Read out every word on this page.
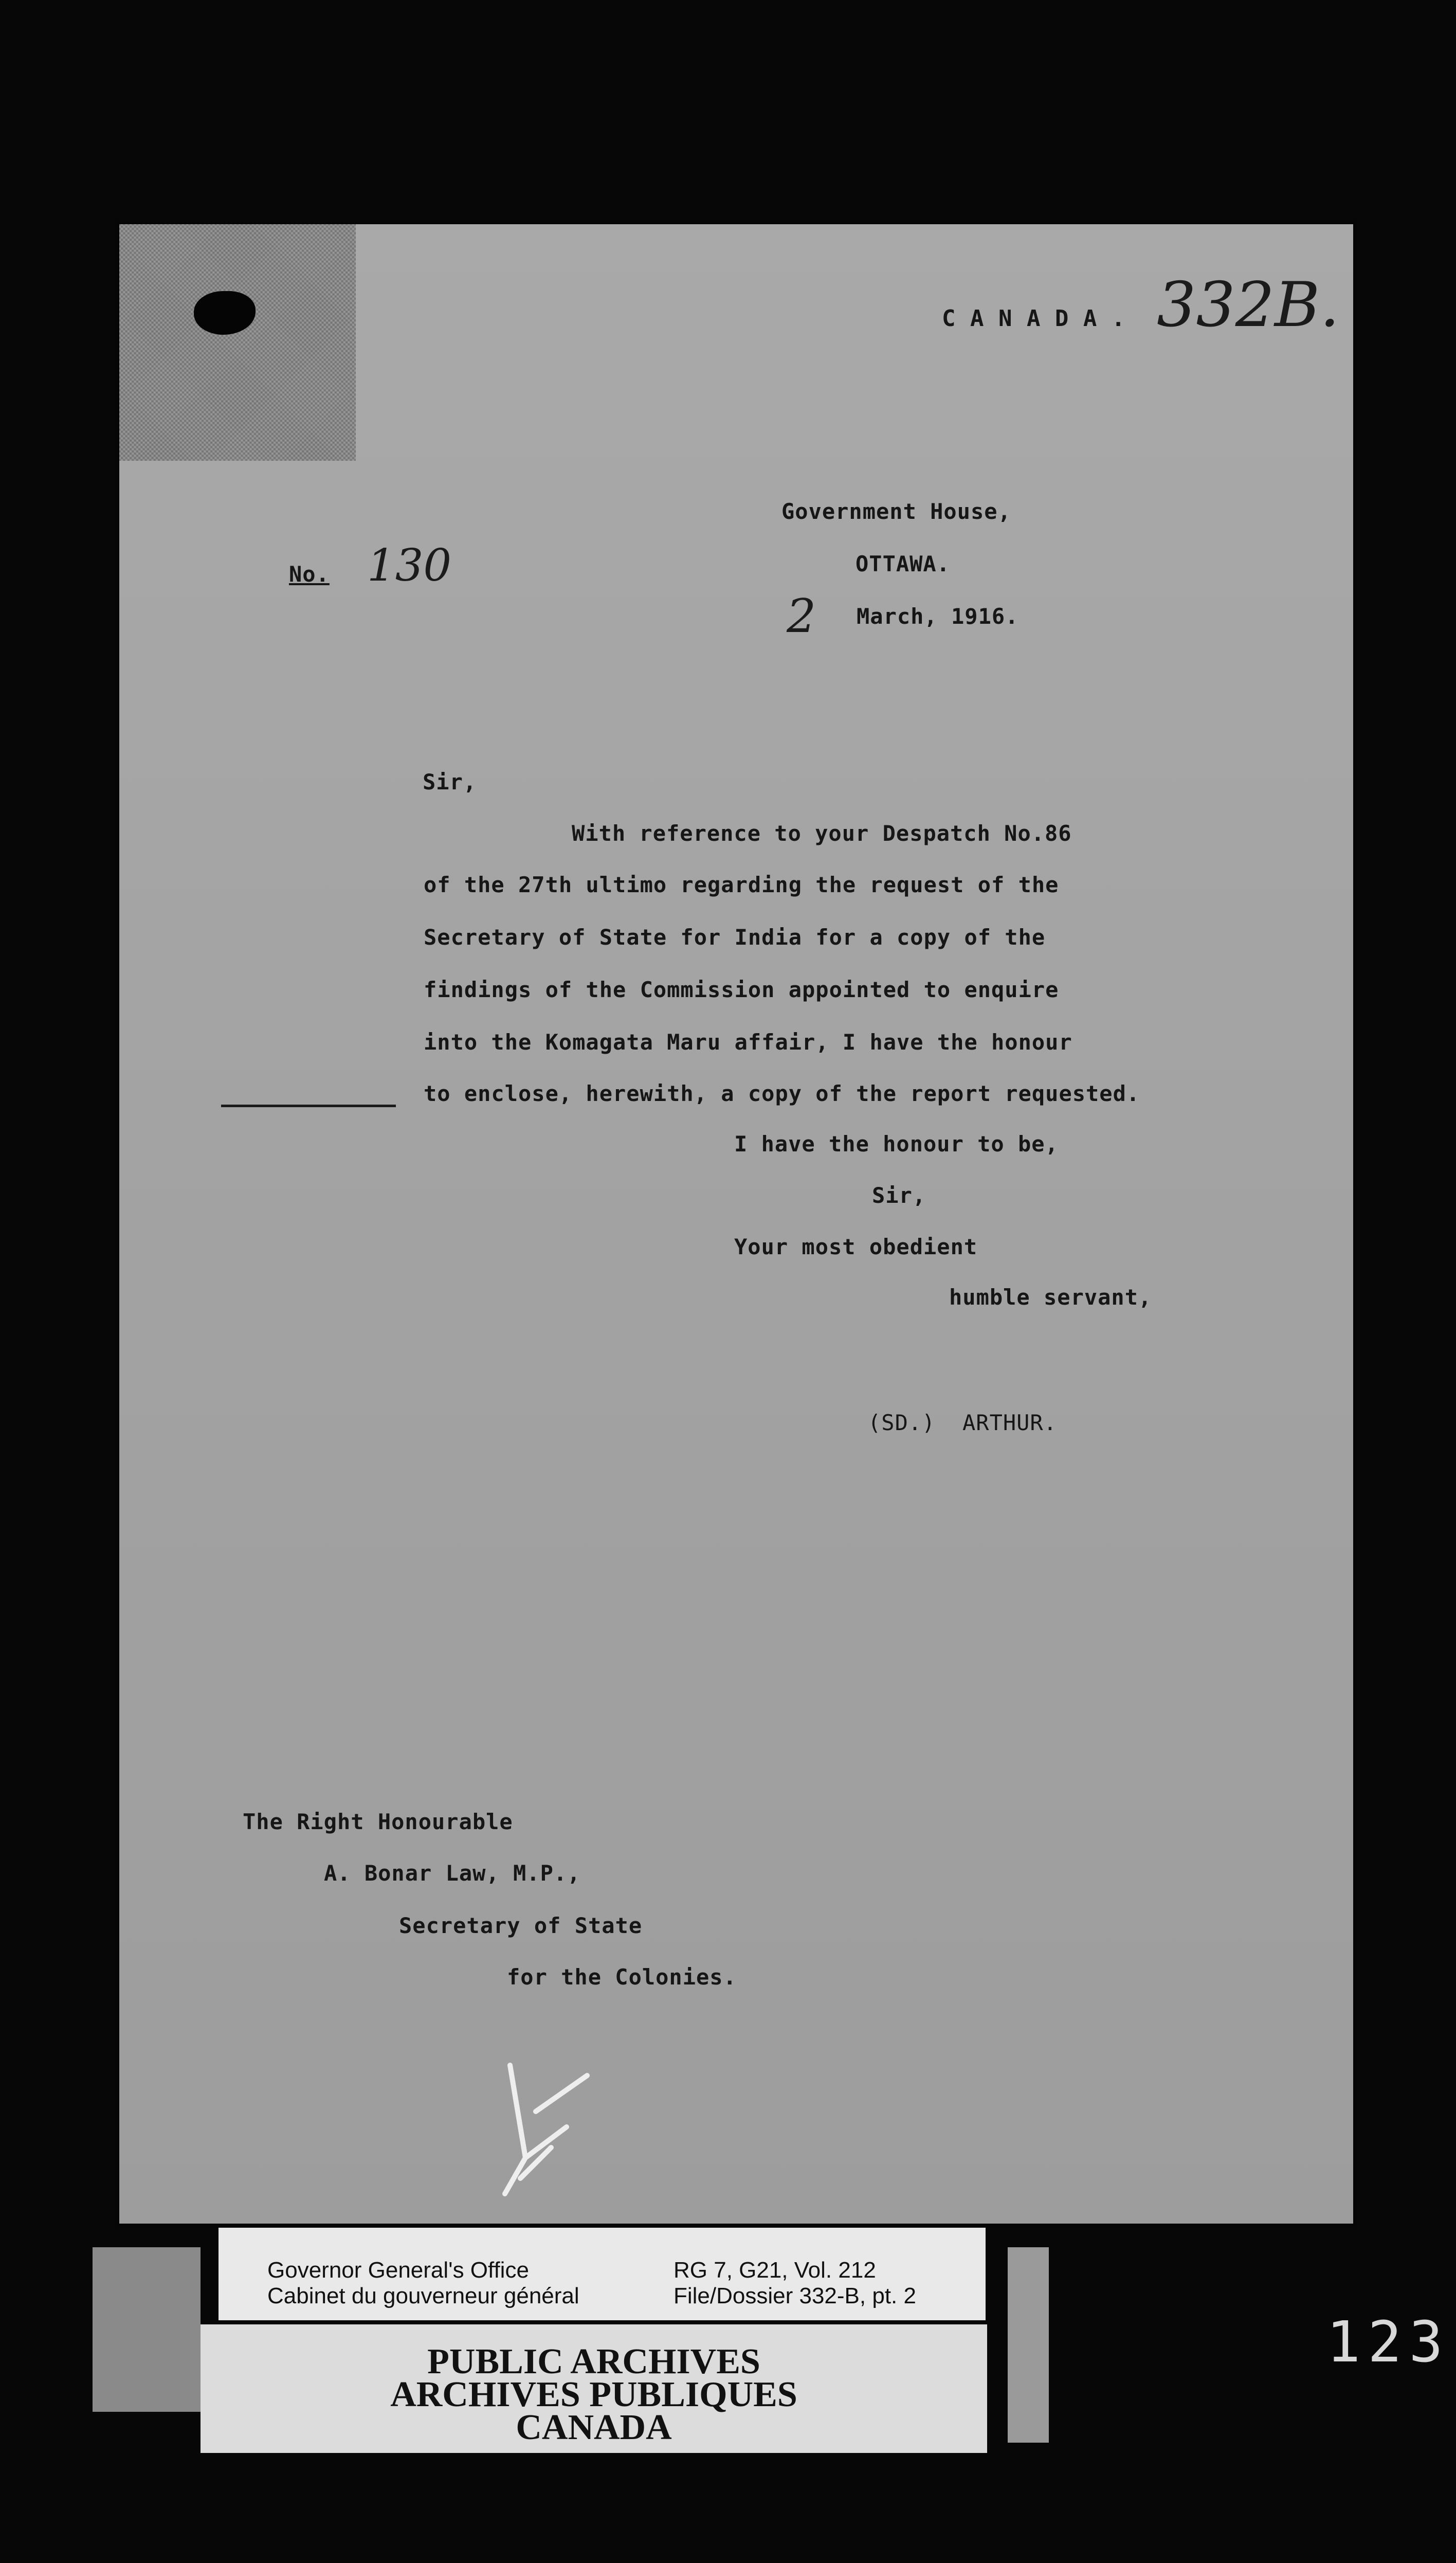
C A N A D A . 332B.
No. 130
Government House,
OTTAWA.
2 March, 1916.
Sir,
With reference to your Despatch No.86
of the 27th ultimo regarding the request of the
Secretary of State for India for a copy of the
findings of the Commission appointed to enquire
into the Komagata Maru affair, I have the honour
to enclose, herewith, a copy of the report requested.
I have the honour to be,
Sir,
Your most obedient
humble servant,
(SD.)  ARTHUR.
The Right Honourable
A. Bonar Law, M.P.,
Secretary of State
for the Colonies.
Governor General's Office
Cabinet du gouverneur général
RG 7, G21, Vol. 212
File/Dossier 332-B, pt. 2
PUBLIC ARCHIVES
ARCHIVES PUBLIQUES
CANADA
123
